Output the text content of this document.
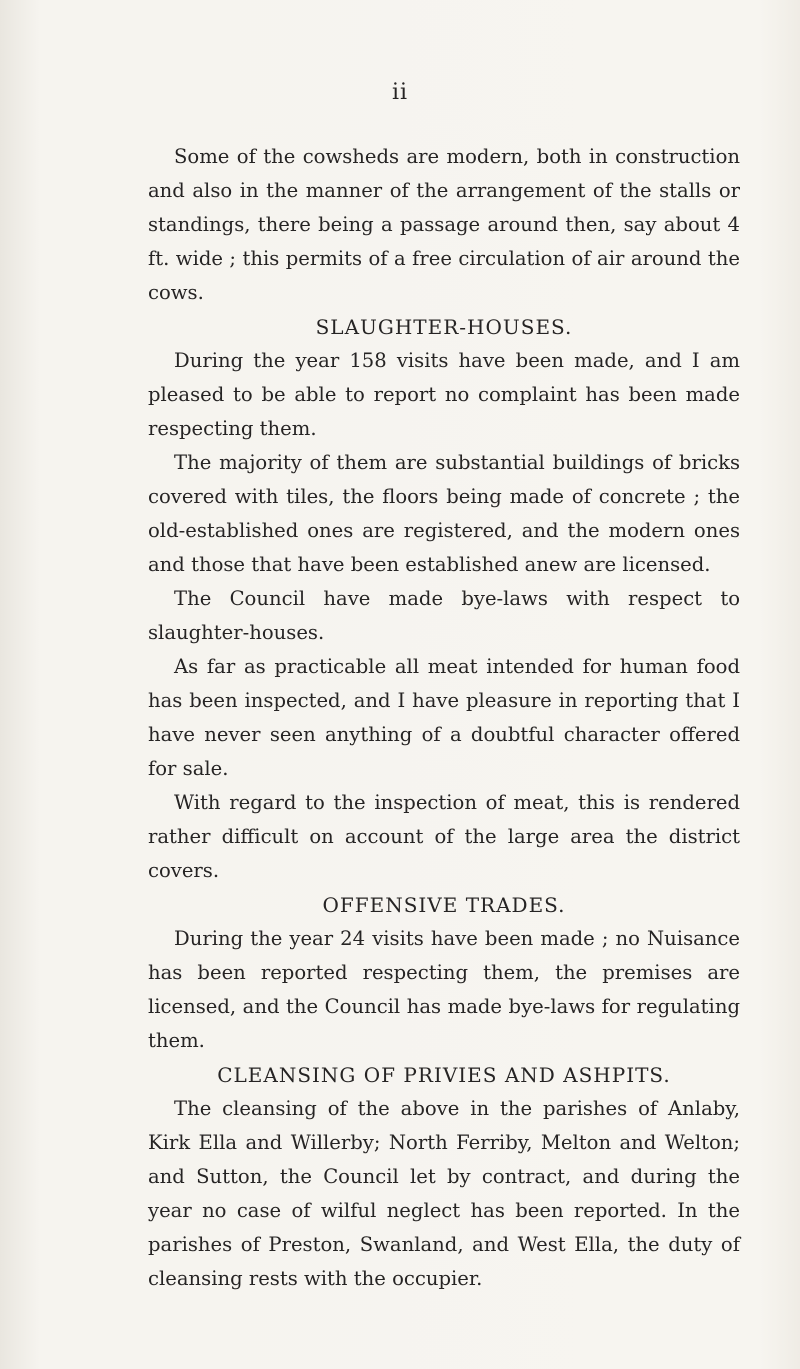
ii

Some of the cowsheds are modern, both in construction and also in the manner of the arrangement of the stalls or standings, there being a passage around then, say about 4 ft. wide ; this permits of a free circulation of air around the cows.

SLAUGHTER-HOUSES.

During the year 158 visits have been made, and I am pleased to be able to report no complaint has been made respecting them.

The majority of them are substantial buildings of bricks covered with tiles, the floors being made of concrete ; the old-established ones are registered, and the modern ones and those that have been established anew are licensed.

The Council have made bye-laws with respect to slaughter-houses.

As far as practicable all meat intended for human food has been inspected, and I have pleasure in reporting that I have never seen anything of a doubtful character offered for sale.

With regard to the inspection of meat, this is rendered rather difficult on account of the large area the district covers.

OFFENSIVE TRADES.

During the year 24 visits have been made ; no Nuisance has been reported respecting them, the premises are licensed, and the Council has made bye-laws for regulating them.

CLEANSING OF PRIVIES AND ASHPITS.

The cleansing of the above in the parishes of Anlaby, Kirk Ella and Willerby; North Ferriby, Melton and Welton; and Sutton, the Council let by contract, and during the year no case of wilful neglect has been reported. In the parishes of Preston, Swanland, and West Ella, the duty of cleansing rests with the occupier.
